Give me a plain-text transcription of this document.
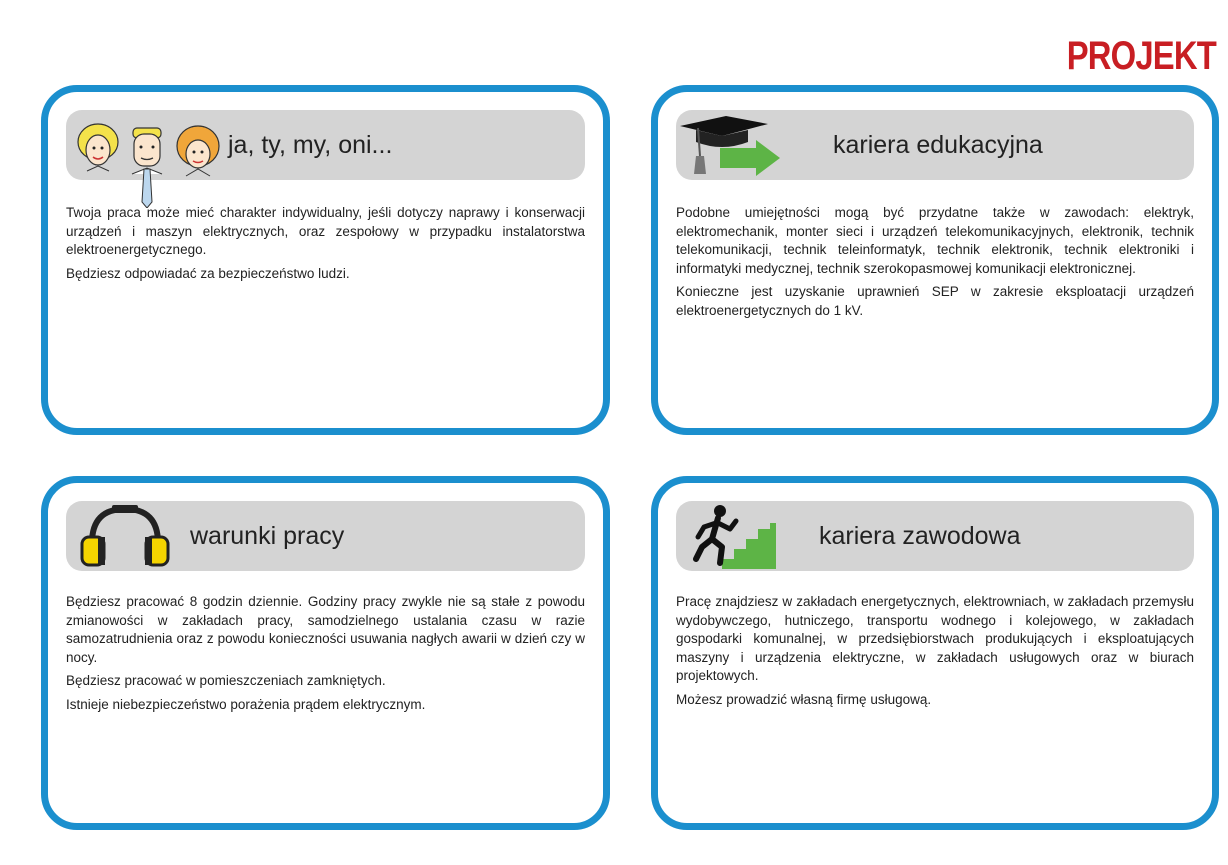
PROJEKT
ja, ty, my, oni...

Twoja praca może mieć charakter indywidualny, jeśli dotyczy naprawy i konserwacji urządzeń i maszyn elektrycznych, oraz zespołowy w przypadku instalatorstwa elektroenergetycznego.

Będziesz odpowiadać za bezpieczeństwo ludzi.

kariera edukacyjna

Podobne umiejętności mogą być przydatne także w zawodach: elektryk, elektromechanik, monter sieci i urządzeń telekomunikacyjnych, elektronik, technik telekomunikacji, technik teleinformatyk, technik elektronik, technik elektroniki i informatyki medycznej, technik szerokopasmowej komunikacji elektronicznej.

Konieczne jest uzyskanie uprawnień SEP w zakresie eksploatacji urządzeń elektroenergetycznych do 1 kV.

warunki pracy

Będziesz pracować 8 godzin dziennie. Godziny pracy zwykle nie są stałe z powodu zmianowości w zakładach pracy, samodzielnego ustalania czasu w razie samozatrudnienia oraz z powodu konieczności usuwania nagłych awarii w dzień czy w nocy.

Będziesz pracować w pomieszczeniach zamkniętych.

Istnieje niebezpieczeństwo porażenia prądem elektrycznym.

kariera zawodowa

Pracę znajdziesz w zakładach energetycznych, elektrowniach, w zakładach przemysłu wydobywczego, hutniczego, transportu wodnego i kolejowego, w zakładach gospodarki komunalnej, w przedsiębiorstwach produkujących i eksploatujących maszyny i urządzenia elektryczne, w zakładach usługowych oraz w biurach projektowych.

Możesz prowadzić własną firmę usługową.
